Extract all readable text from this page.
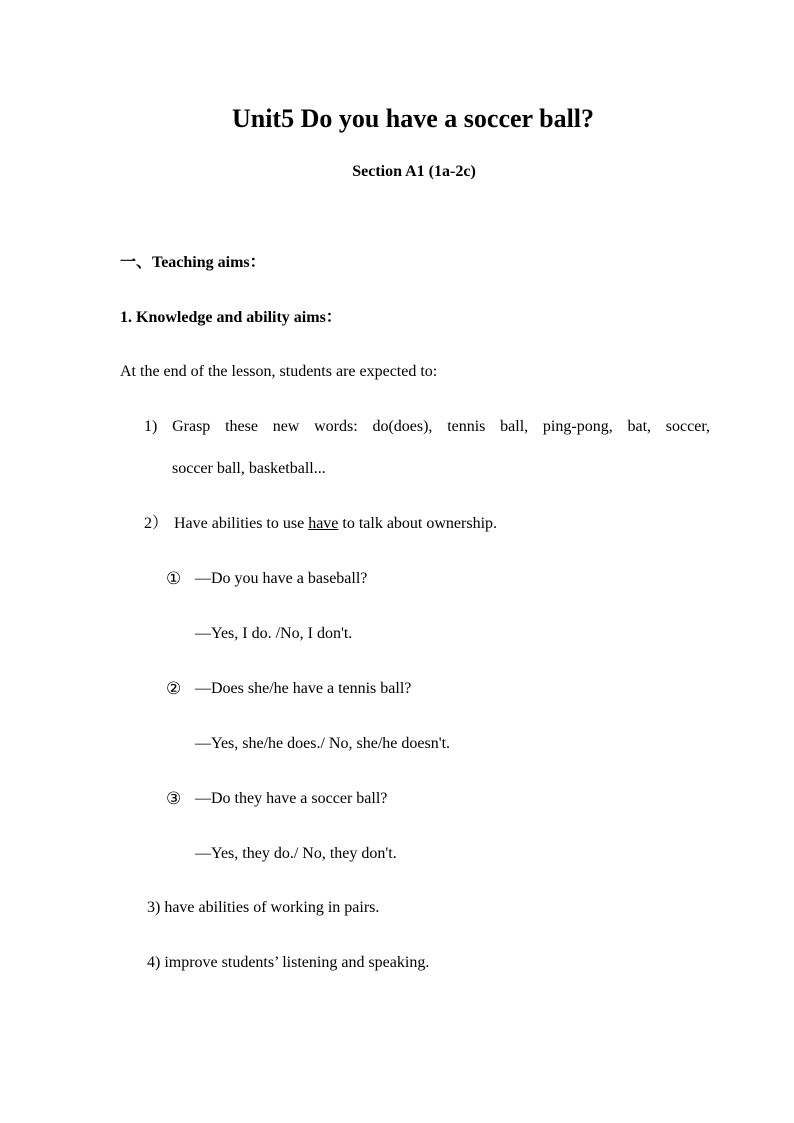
Unit5 Do you have a soccer ball?
Section A1 (1a-2c)
一、Teaching aims：
1. Knowledge and ability aims：
At the end of the lesson, students are expected to:
1) Grasp these new words: do(does), tennis ball, ping-pong, bat, soccer,
soccer ball, basketball...
2） Have abilities to use have to talk about ownership.
① —Do you have a baseball?
—Yes, I do. /No, I don't.
② —Does she/he have a tennis ball?
—Yes, she/he does./ No, she/he doesn't.
③ —Do they have a soccer ball?
—Yes, they do./ No, they don't.
3) have abilities of working in pairs.
4) improve students’ listening and speaking.
